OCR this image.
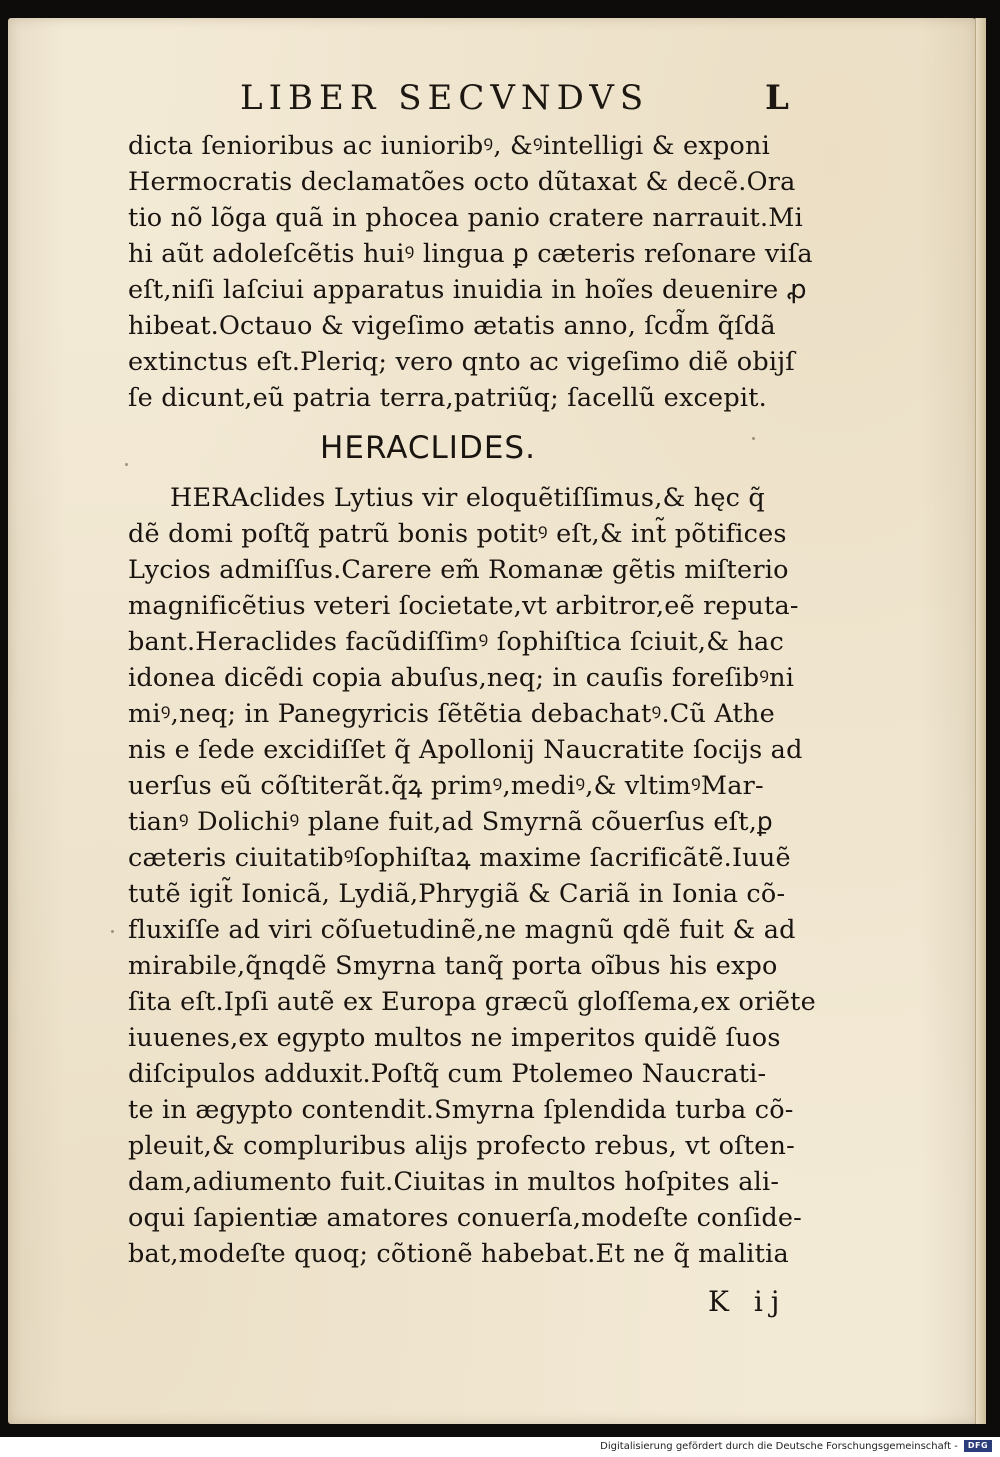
LIBER SECVNDVS	L
dicta ſenioribus ac iunioribꝰ, &ꝰintelligi & exponi
Hermocratis declamatões octo dũtaxat & decẽ.Ora
tio nõ lõga quã in phocea panio cratere narrauit.Mi
hi aũt adoleſcẽtis huiꝰ lingua ꝑ cæteris reſonare viſa
eſt,niſi laſciui apparatus inuidia in hoĩes deuenire ꝓ
hibeat.Octauo & vigeſimo ætatis anno, ſcd̃m q̃ſdã
extinctus eſt.Pleriq; vero qnto ac vigeſimo diẽ obijſ
ſe dicunt,eũ patria terra,patriũq; ſacellũ excepit.
HERACLIDES.
HERAclides Lytius vir eloquẽtiſſimus,& hęc q̃
dẽ domi poſtq̃ patrũ bonis potitꝰ eſt,& int̃ põtifices
Lycios admiſſus.Carere em̃ Romanæ gẽtis miſterio
magnificẽtius veteri ſocietate,vt arbitror,eẽ reputa-
bant.Heraclides facũdiſſimꝰ ſophiſtica ſciuit,& hac
idonea dicẽdi copia abuſus,neq; in cauſis foreſibꝰni
miꝰ,neq; in Panegyricis ſẽtẽtia debachatꝰ.Cũ Athe
nis e ſede excidiſſet q̃ Apollonij Naucratite ſocijs ad
uerſus eũ cõſtiterãt.q̃ꝝ primꝰ,mediꝰ,& vltimꝰMar-
tianꝰ Dolichiꝰ plane fuit,ad Smyrnã cõuerſus eſt,ꝑ
cæteris ciuitatibꝰſophiſtaꝝ maxime ſacrificãtẽ.Iuuẽ
tutẽ igit̃ Ionicã, Lydiã,Phrygiã & Cariã in Ionia cõ-
fluxiſſe ad viri cõſuetudinẽ,ne magnũ qdẽ fuit & ad
mirabile,q̃nqdẽ Smyrna tanq̃ porta oĩbus his expo
ſita eſt.Ipſi autẽ ex Europa græcũ gloſſema,ex oriẽte
iuuenes,ex egypto multos ne imperitos quidẽ ſuos
diſcipulos adduxit.Poſtq̃ cum Ptolemeo Naucrati-
te in ægypto contendit.Smyrna ſplendida turba cõ-
pleuit,& compluribus alijs profecto rebus, vt oſten-
dam,adiumento fuit.Ciuitas in multos hoſpites ali-
oqui ſapientiæ amatores conuerſa,modeſte conſide-
bat,modeſte quoq; cõtionẽ habebat.Et ne q̃ malitia
K ij
Digitalisierung gefördert durch die Deutsche Forschungsgemeinschaft - DFG
